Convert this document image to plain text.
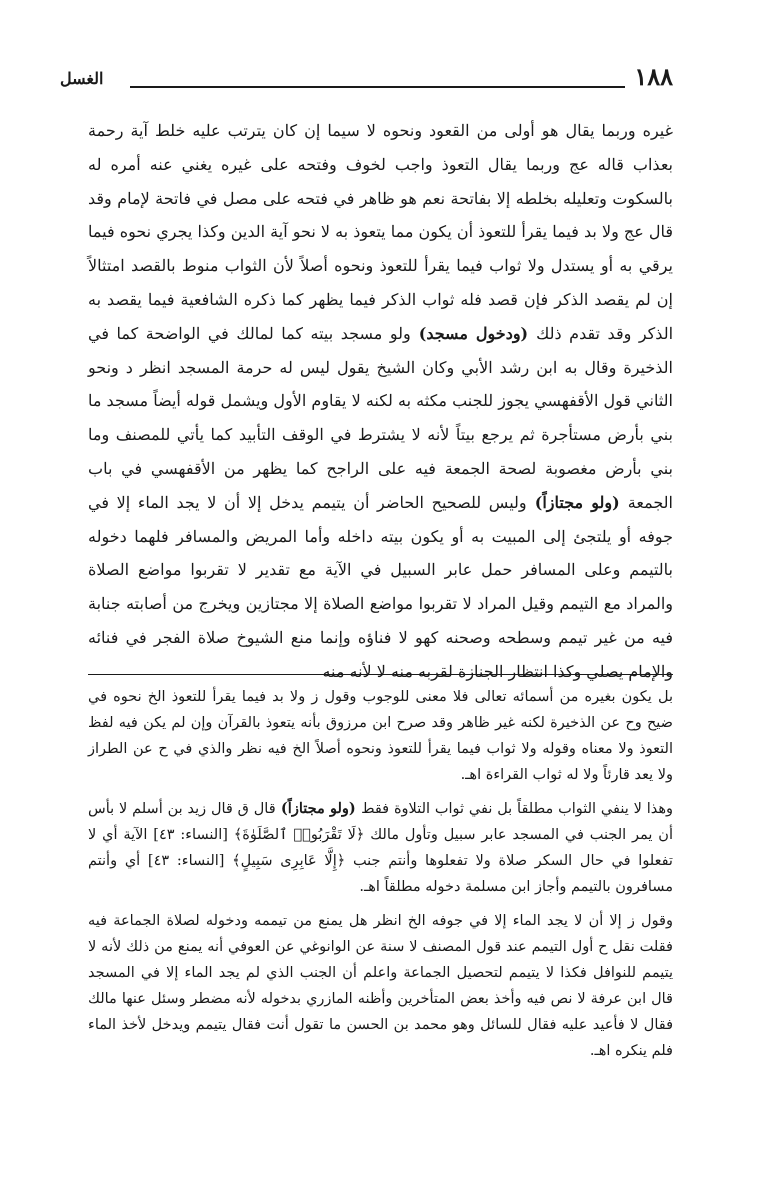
١٨٨
الغسل

غيره وربما يقال هو أولى من القعود ونحوه لا سيما إن كان يترتب عليه خلط آية رحمة بعذاب قاله عج وربما يقال التعوذ واجب لخوف وفتحه على غيره يغني عنه أمره له بالسكوت وتعليله بخلطه إلا بفاتحة نعم هو ظاهر في فتحه على مصل في فاتحة لإمام وقد قال عج ولا بد فيما يقرأ للتعوذ أن يكون مما يتعوذ به لا نحو آية الدين وكذا يجري نحوه فيما يرقي به أو يستدل ولا ثواب فيما يقرأ للتعوذ ونحوه أصلاً لأن الثواب منوط بالقصد امتثالاً إن لم يقصد الذكر فإن قصد فله ثواب الذكر فيما يظهر كما ذكره الشافعية فيما يقصد به الذكر وقد تقدم ذلك (ودخول مسجد) ولو مسجد بيته كما لمالك في الواضحة كما في الذخيرة وقال به ابن رشد الأبي وكان الشيخ يقول ليس له حرمة المسجد انظر د ونحو الثاني قول الأقفهسي يجوز للجنب مكثه به لكنه لا يقاوم الأول ويشمل قوله أيضاً مسجد ما بني بأرض مستأجرة ثم يرجع بيتاً لأنه لا يشترط في الوقف التأبيد كما يأتي للمصنف وما بني بأرض مغصوبة لصحة الجمعة فيه على الراجح كما يظهر من الأقفهسي في باب الجمعة (ولو مجتازاً) وليس للصحيح الحاضر أن يتيمم يدخل إلا أن لا يجد الماء إلا في جوفه أو يلتجئ إلى المبيت به أو يكون بيته داخله وأما المريض والمسافر فلهما دخوله بالتيمم وعلى المسافر حمل عابر السبيل في الآية مع تقدير لا تقربوا مواضع الصلاة والمراد مع التيمم وقيل المراد لا تقربوا مواضع الصلاة إلا مجتازين ويخرج من أصابته جنابة فيه من غير تيمم وسطحه وصحنه كهو لا فناؤه وإنما منع الشيوخ صلاة الفجر في فنائه والإمام يصلي وكذا انتظار الجنازة لقربه منه لا لأنه منه

بل يكون بغيره من أسمائه تعالى فلا معنى للوجوب وقول ز ولا بد فيما يقرأ للتعوذ الخ نحوه في ضيح وح عن الذخيرة لكنه غير ظاهر وقد صرح ابن مرزوق بأنه يتعوذ بالقرآن وإن لم يكن فيه لفظ التعوذ ولا معناه وقوله ولا ثواب فيما يقرأ للتعوذ ونحوه أصلاً الخ فيه نظر والذي في ح عن الطراز ولا يعد قارئاً ولا له ثواب القراءة اهـ.

وهذا لا ينفي الثواب مطلقاً بل نفي ثواب التلاوة فقط (ولو مجتازاً) قال ق قال زيد بن أسلم لا بأس أن يمر الجنب في المسجد عابر سبيل وتأول مالك ﴿لَا تَقْرَبُوا۟ ٱلصَّلَوٰةَ﴾ [النساء: ٤٣] الآية أي لا تفعلوا في حال السكر صلاة ولا تفعلوها وأنتم جنب ﴿إِلَّا عَابِرِى سَبِيلٍ﴾ [النساء: ٤٣] أي وأنتم مسافرون بالتيمم وأجاز ابن مسلمة دخوله مطلقاً اهـ.

وقول ز إلا أن لا يجد الماء إلا في جوفه الخ انظر هل يمنع من تيممه ودخوله لصلاة الجماعة فيه فقلت نقل ح أول التيمم عند قول المصنف لا سنة عن الوانوغي عن العوفي أنه يمنع من ذلك لأنه لا يتيمم للنوافل فكذا لا يتيمم لتحصيل الجماعة واعلم أن الجنب الذي لم يجد الماء إلا في المسجد قال ابن عرفة لا نص فيه وأخذ بعض المتأخرين وأظنه المازري بدخوله لأنه مضطر وسئل عنها مالك فقال لا فأعيد عليه فقال للسائل وهو محمد بن الحسن ما تقول أنت فقال يتيمم ويدخل لأخذ الماء فلم ينكره اهـ.
